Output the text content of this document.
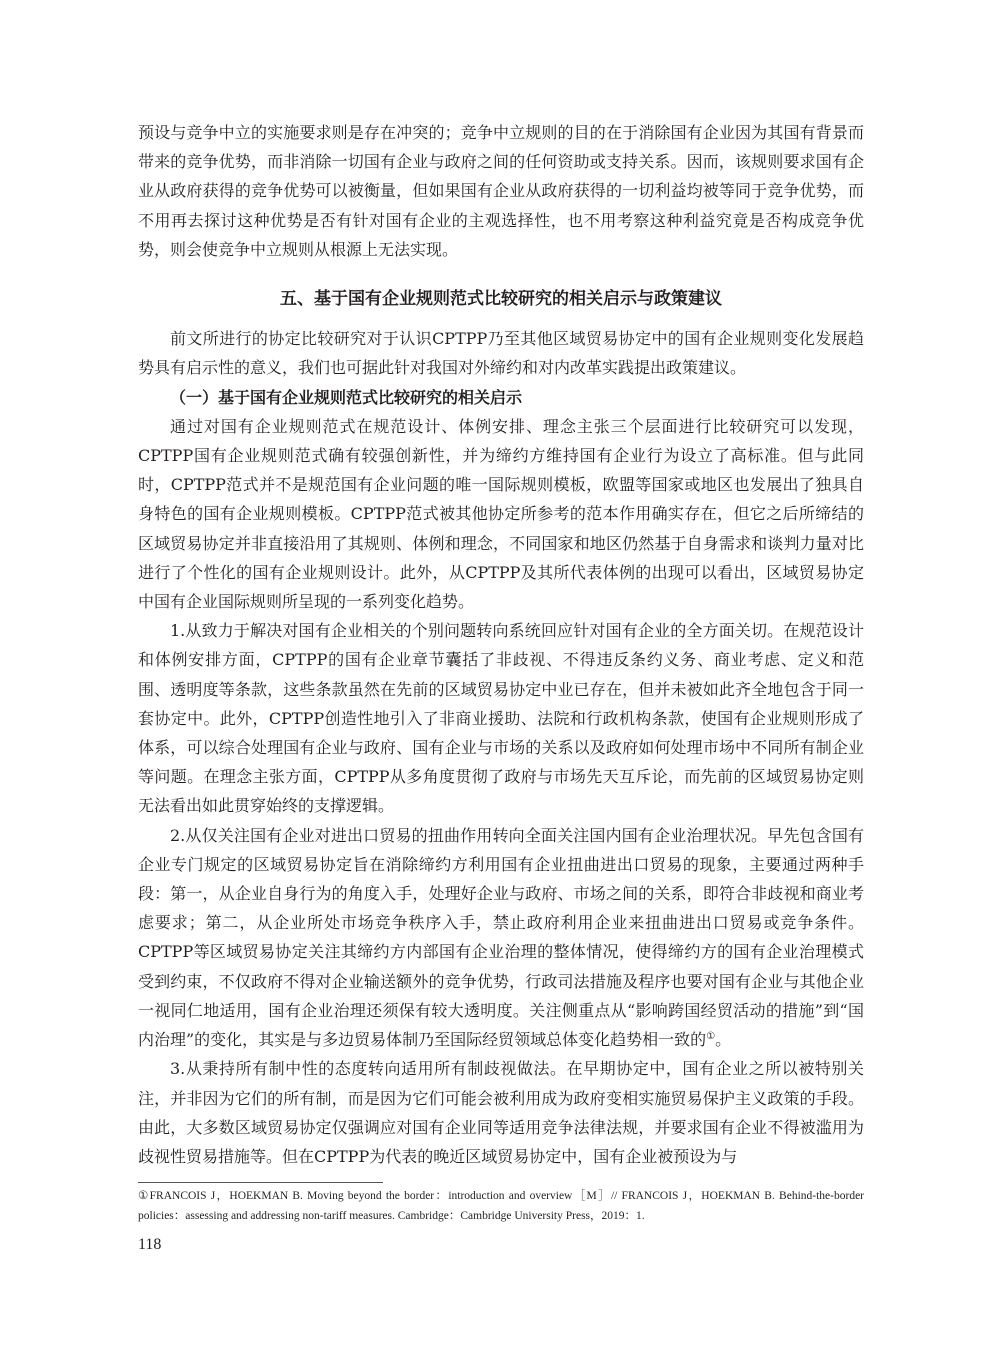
预设与竞争中立的实施要求则是存在冲突的；竞争中立规则的目的在于消除国有企业因为其国有背景而带来的竞争优势，而非消除一切国有企业与政府之间的任何资助或支持关系。因而，该规则要求国有企业从政府获得的竞争优势可以被衡量，但如果国有企业从政府获得的一切利益均被等同于竞争优势，而不用再去探讨这种优势是否有针对国有企业的主观选择性，也不用考察这种利益究竟是否构成竞争优势，则会使竞争中立规则从根源上无法实现。

五、基于国有企业规则范式比较研究的相关启示与政策建议

前文所进行的协定比较研究对于认识CPTPP乃至其他区域贸易协定中的国有企业规则变化发展趋势具有启示性的意义，我们也可据此针对我国对外缔约和对内改革实践提出政策建议。

（一）基于国有企业规则范式比较研究的相关启示

通过对国有企业规则范式在规范设计、体例安排、理念主张三个层面进行比较研究可以发现，CPTPP国有企业规则范式确有较强创新性，并为缔约方维持国有企业行为设立了高标准。但与此同时，CPTPP范式并不是规范国有企业问题的唯一国际规则模板，欧盟等国家或地区也发展出了独具自身特色的国有企业规则模板。CPTPP范式被其他协定所参考的范本作用确实存在，但它之后所缔结的区域贸易协定并非直接沿用了其规则、体例和理念，不同国家和地区仍然基于自身需求和谈判力量对比进行了个性化的国有企业规则设计。此外，从CPTPP及其所代表体例的出现可以看出，区域贸易协定中国有企业国际规则所呈现的一系列变化趋势。

1.从致力于解决对国有企业相关的个别问题转向系统回应针对国有企业的全方面关切。在规范设计和体例安排方面，CPTPP的国有企业章节囊括了非歧视、不得违反条约义务、商业考虑、定义和范围、透明度等条款，这些条款虽然在先前的区域贸易协定中业已存在，但并未被如此齐全地包含于同一套协定中。此外，CPTPP创造性地引入了非商业援助、法院和行政机构条款，使国有企业规则形成了体系，可以综合处理国有企业与政府、国有企业与市场的关系以及政府如何处理市场中不同所有制企业等问题。在理念主张方面，CPTPP从多角度贯彻了政府与市场先天互斥论，而先前的区域贸易协定则无法看出如此贯穿始终的支撑逻辑。

2.从仅关注国有企业对进出口贸易的扭曲作用转向全面关注国内国有企业治理状况。早先包含国有企业专门规定的区域贸易协定旨在消除缔约方利用国有企业扭曲进出口贸易的现象，主要通过两种手段：第一，从企业自身行为的角度入手，处理好企业与政府、市场之间的关系，即符合非歧视和商业考虑要求；第二，从企业所处市场竞争秩序入手，禁止政府利用企业来扭曲进出口贸易或竞争条件。CPTPP等区域贸易协定关注其缔约方内部国有企业治理的整体情况，使得缔约方的国有企业治理模式受到约束，不仅政府不得对企业输送额外的竞争优势，行政司法措施及程序也要对国有企业与其他企业一视同仁地适用，国有企业治理还须保有较大透明度。关注侧重点从“影响跨国经贸活动的措施”到“国内治理”的变化，其实是与多边贸易体制乃至国际经贸领域总体变化趋势相一致的①。

3.从秉持所有制中性的态度转向适用所有制歧视做法。在早期协定中，国有企业之所以被特别关注，并非因为它们的所有制，而是因为它们可能会被利用成为政府变相实施贸易保护主义政策的手段。由此，大多数区域贸易协定仅强调应对国有企业同等适用竞争法律法规，并要求国有企业不得被滥用为歧视性贸易措施等。但在CPTPP为代表的晚近区域贸易协定中，国有企业被预设为与

①FRANCOIS J，HOEKMAN B. Moving beyond the border：introduction and overview［M］// FRANCOIS J，HOEKMAN B. Behind-the-border policies：assessing and addressing non-tariff measures. Cambridge：Cambridge University Press，2019：1.
118
